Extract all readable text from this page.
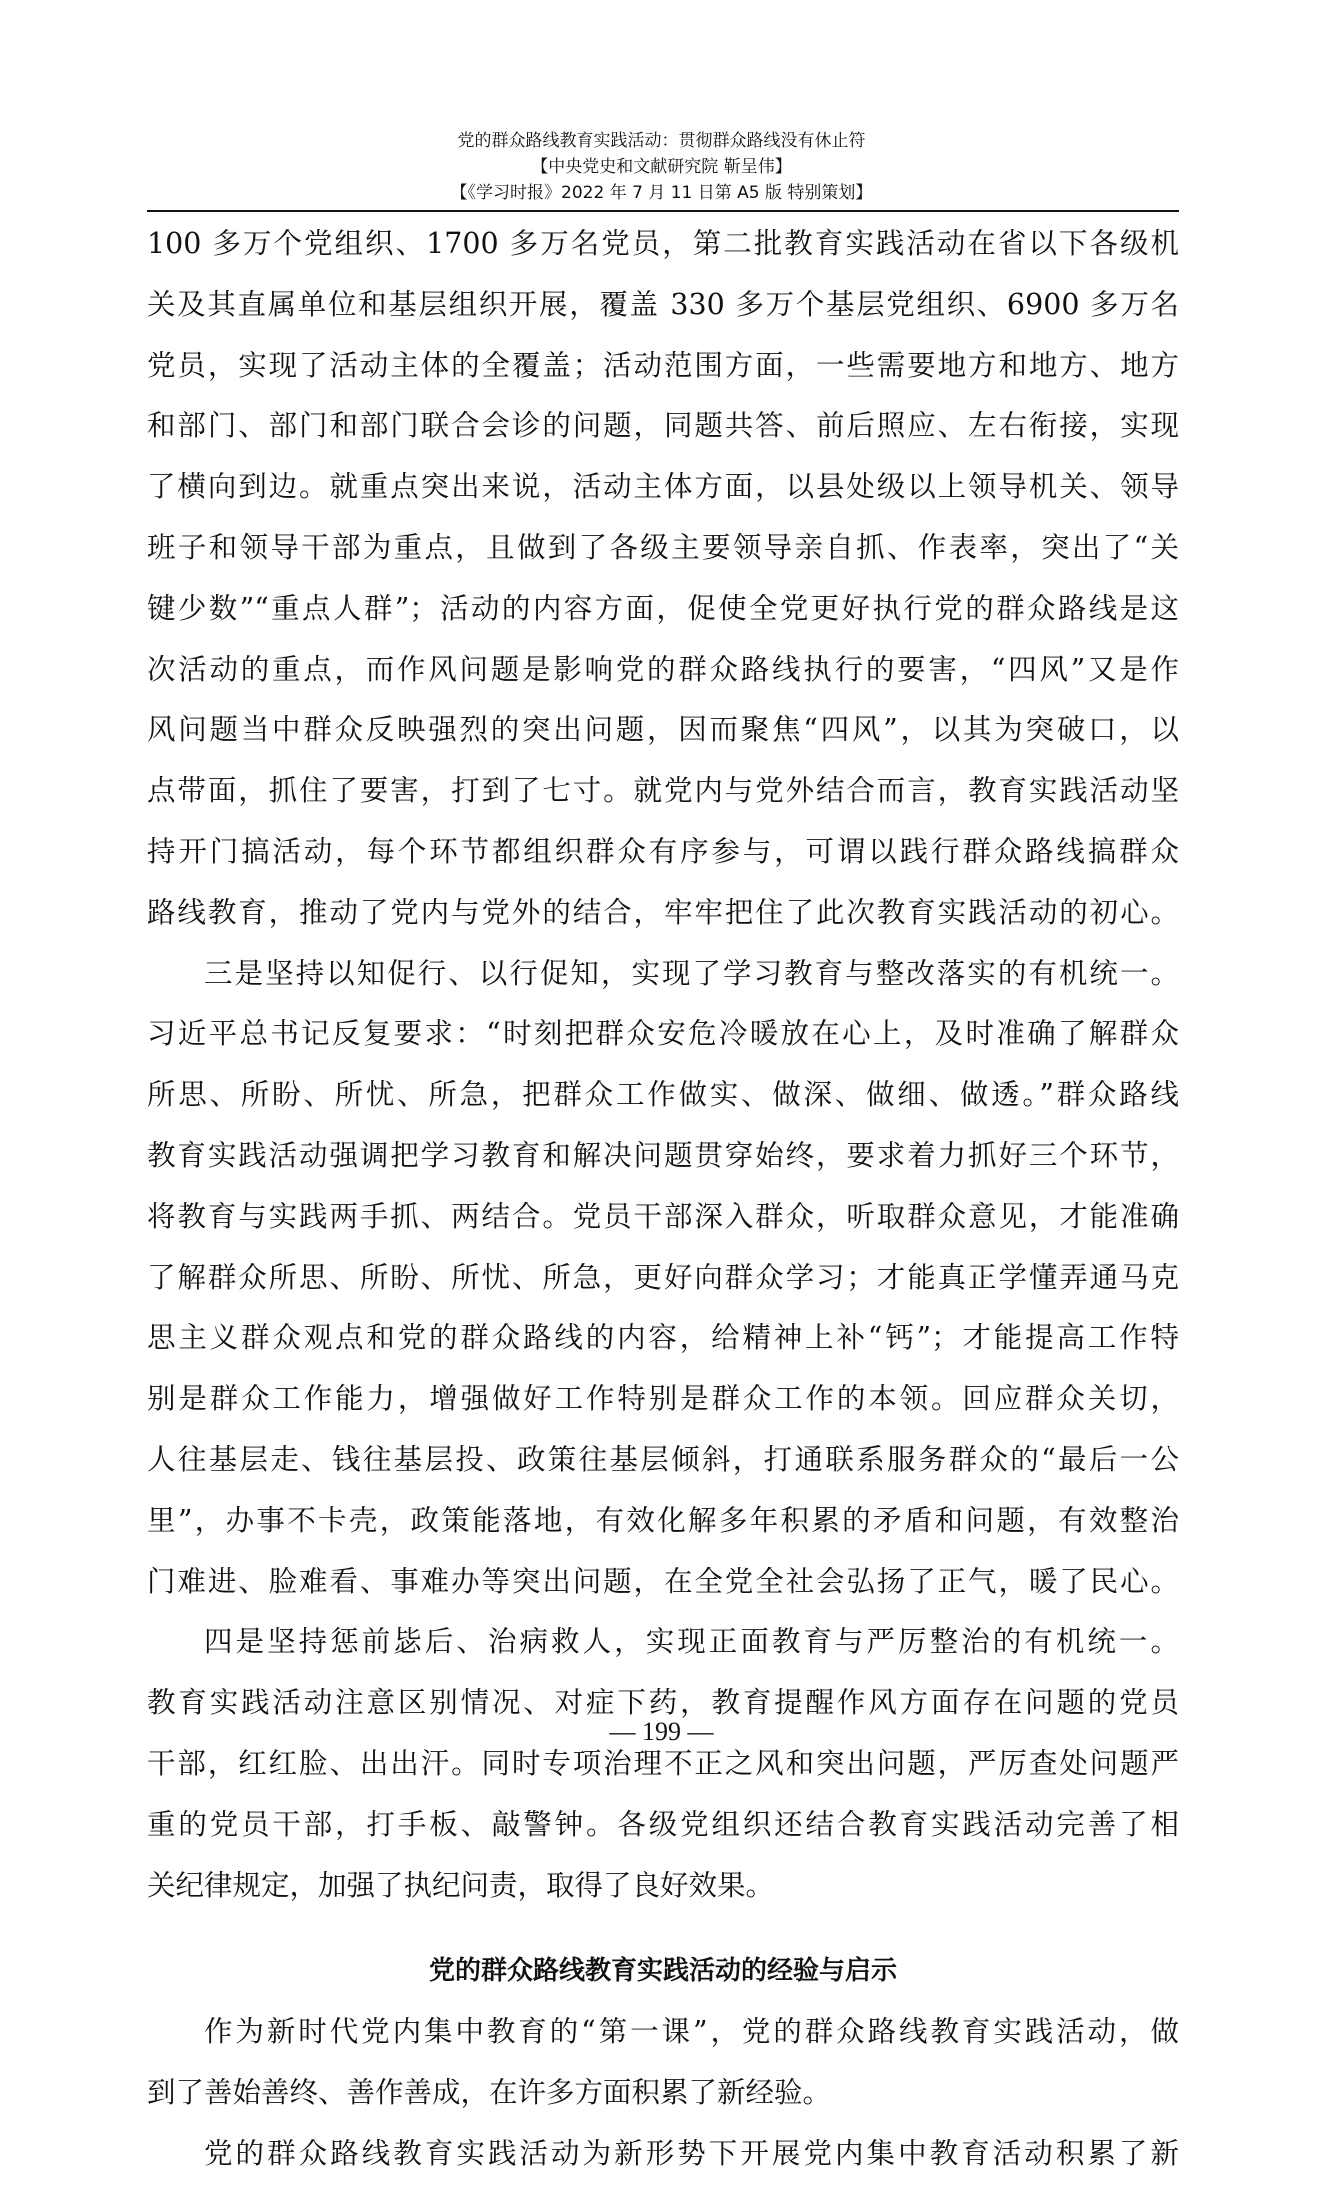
党的群众路线教育实践活动：贯彻群众路线没有休止符
【中央党史和文献研究院 靳呈伟】
【《学习时报》2022 年 7 月 11 日第 A5 版 特别策划】
100 多万个党组织、1700 多万名党员，第二批教育实践活动在省以下各级机
关及其直属单位和基层组织开展，覆盖 330 多万个基层党组织、6900 多万名
党员，实现了活动主体的全覆盖；活动范围方面，一些需要地方和地方、地方
和部门、部门和部门联合会诊的问题，同题共答、前后照应、左右衔接，实现
了横向到边。就重点突出来说，活动主体方面，以县处级以上领导机关、领导
班子和领导干部为重点，且做到了各级主要领导亲自抓、作表率，突出了“关
键少数”“重点人群”；活动的内容方面，促使全党更好执行党的群众路线是这
次活动的重点，而作风问题是影响党的群众路线执行的要害，“四风”又是作
风问题当中群众反映强烈的突出问题，因而聚焦“四风”，以其为突破口，以
点带面，抓住了要害，打到了七寸。就党内与党外结合而言，教育实践活动坚
持开门搞活动，每个环节都组织群众有序参与，可谓以践行群众路线搞群众
路线教育，推动了党内与党外的结合，牢牢把住了此次教育实践活动的初心。
三是坚持以知促行、以行促知，实现了学习教育与整改落实的有机统一。
习近平总书记反复要求：“时刻把群众安危冷暖放在心上，及时准确了解群众
所思、所盼、所忧、所急，把群众工作做实、做深、做细、做透。”群众路线
教育实践活动强调把学习教育和解决问题贯穿始终，要求着力抓好三个环节，
将教育与实践两手抓、两结合。党员干部深入群众，听取群众意见，才能准确
了解群众所思、所盼、所忧、所急，更好向群众学习；才能真正学懂弄通马克
思主义群众观点和党的群众路线的内容，给精神上补“钙”；才能提高工作特
别是群众工作能力，增强做好工作特别是群众工作的本领。回应群众关切，
人往基层走、钱往基层投、政策往基层倾斜，打通联系服务群众的“最后一公
里”，办事不卡壳，政策能落地，有效化解多年积累的矛盾和问题，有效整治
门难进、脸难看、事难办等突出问题，在全党全社会弘扬了正气，暖了民心。
四是坚持惩前毖后、治病救人，实现正面教育与严厉整治的有机统一。
教育实践活动注意区别情况、对症下药，教育提醒作风方面存在问题的党员
干部，红红脸、出出汗。同时专项治理不正之风和突出问题，严厉查处问题严
重的党员干部，打手板、敲警钟。各级党组织还结合教育实践活动完善了相
关纪律规定，加强了执纪问责，取得了良好效果。
党的群众路线教育实践活动的经验与启示
作为新时代党内集中教育的“第一课”，党的群众路线教育实践活动，做
到了善始善终、善作善成，在许多方面积累了新经验。
党的群众路线教育实践活动为新形势下开展党内集中教育活动积累了新
— 199 —
